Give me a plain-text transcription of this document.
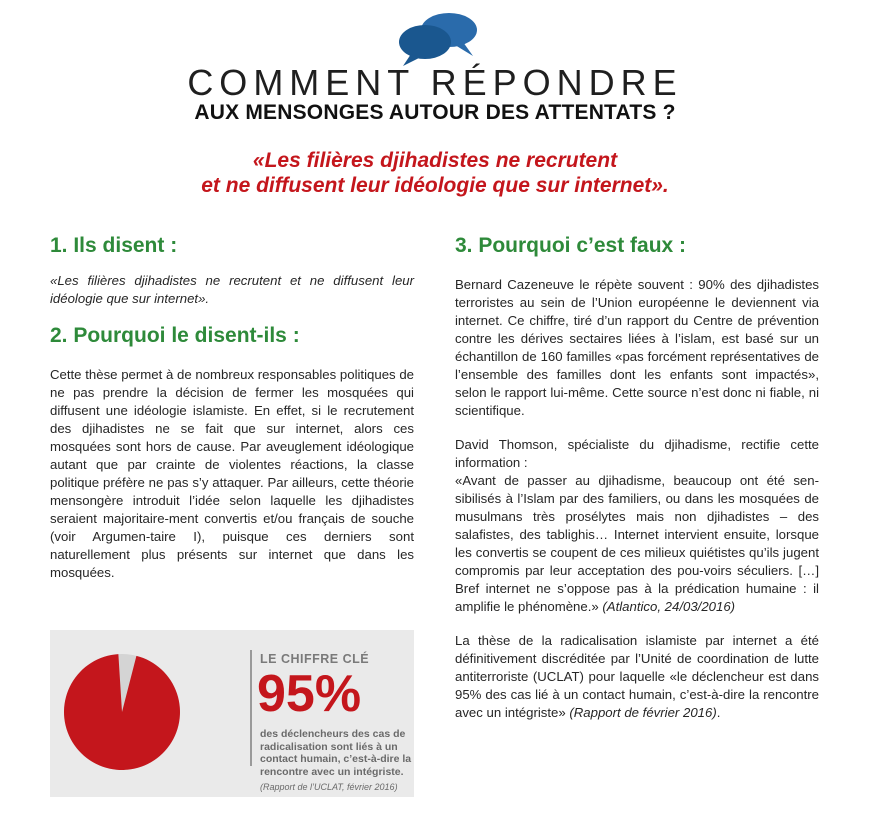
COMMENT RÉPONDRE
AUX MENSONGES AUTOUR DES ATTENTATS ?
«Les filières djihadistes ne recrutent
et ne diffusent leur idéologie que sur internet».
1. Ils disent :

«Les filières djihadistes ne recrutent et ne diffusent leur idéologie que sur internet».

2. Pourquoi le disent-ils :

Cette thèse permet à de nombreux responsables politiques de ne pas prendre la décision de fermer les mosquées qui diffusent une idéologie islamiste. En effet, si le recrutement des djihadistes ne se fait que sur internet, alors ces mosquées sont hors de cause. Par aveuglement idéologique autant que par crainte de violentes réactions, la classe politique préfère ne pas s’y attaquer. Par ailleurs, cette théorie mensongère introduit l’idée selon laquelle les djihadistes seraient majoritaire-ment convertis et/ou français de souche (voir Argumen-taire I), puisque ces derniers sont naturellement plus présents sur internet que dans les mosquées.

LE CHIFFRE CLÉ
95%
des déclencheurs des cas de radicalisation sont liés à un contact humain, c’est-à-dire la rencontre avec un intégriste.
(Rapport de l’UCLAT, février 2016)
3. Pourquoi c’est faux :

Bernard Cazeneuve le répète souvent : 90% des djihadistes terroristes au sein de l’Union européenne le deviennent via internet. Ce chiffre, tiré d’un rapport du Centre de prévention contre les dérives sectaires liées à l’islam, est basé sur un échantillon de 160 familles «pas forcément représentatives de l’ensemble des familles dont les enfants sont impactés», selon le rapport lui-même. Cette source n’est donc ni fiable, ni scientifique.

David Thomson, spécialiste du djihadisme, rectifie cette information :

«Avant de passer au djihadisme, beaucoup ont été sen-sibilisés à l’Islam par des familiers, ou dans les mosquées de musulmans très prosélytes mais non djihadistes – des salafistes, des tablighis… Internet intervient ensuite, lorsque les convertis se coupent de ces milieux quiétistes qu’ils jugent compromis par leur acceptation des pou-voirs séculiers. […] Bref internet ne s’oppose pas à la prédication humaine : il amplifie le phénomène.» (Atlantico, 24/03/2016)

La thèse de la radicalisation islamiste par internet a été définitivement discréditée par l’Unité de coordination de lutte antiterroriste (UCLAT) pour laquelle «le déclencheur est dans 95% des cas lié à un contact humain, c’est-à-dire la rencontre avec un intégriste» (Rapport de février 2016).
